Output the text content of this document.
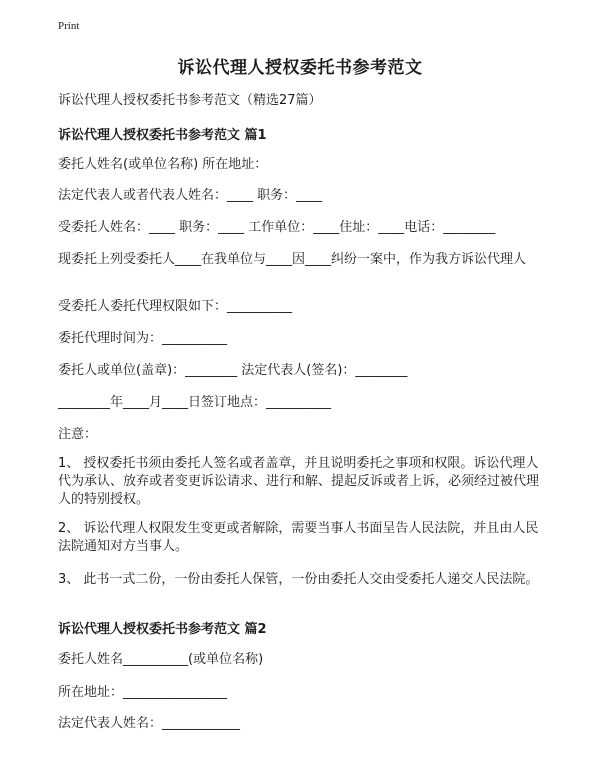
Print
诉讼代理人授权委托书参考范文
诉讼代理人授权委托书参考范文（精选27篇）
诉讼代理人授权委托书参考范文 篇1
委托人姓名(或单位名称) 所在地址：
法定代表人或者代表人姓名：____ 职务：____
受委托人姓名：____ 职务：____ 工作单位：____住址：____电话：________
现委托上列受委托人____在我单位与____因____纠纷一案中，作为我方诉讼代理人
受委托人委托代理权限如下：__________
委托代理时间为：__________
委托人或单位(盖章)：________ 法定代表人(签名)：________
________年____月____日签订地点：__________
注意：
1、 授权委托书须由委托人签名或者盖章，并且说明委托之事项和权限。诉讼代理人代为承认、放弃或者变更诉讼请求、进行和解、提起反诉或者上诉，必须经过被代理人的特别授权。
2、 诉讼代理人权限发生变更或者解除，需要当事人书面呈告人民法院，并且由人民法院通知对方当事人。
3、 此书一式二份，一份由委托人保管，一份由委托人交由受委托人递交人民法院。
诉讼代理人授权委托书参考范文 篇2
委托人姓名__________(或单位名称)
所在地址：________________
法定代表人姓名：____________
